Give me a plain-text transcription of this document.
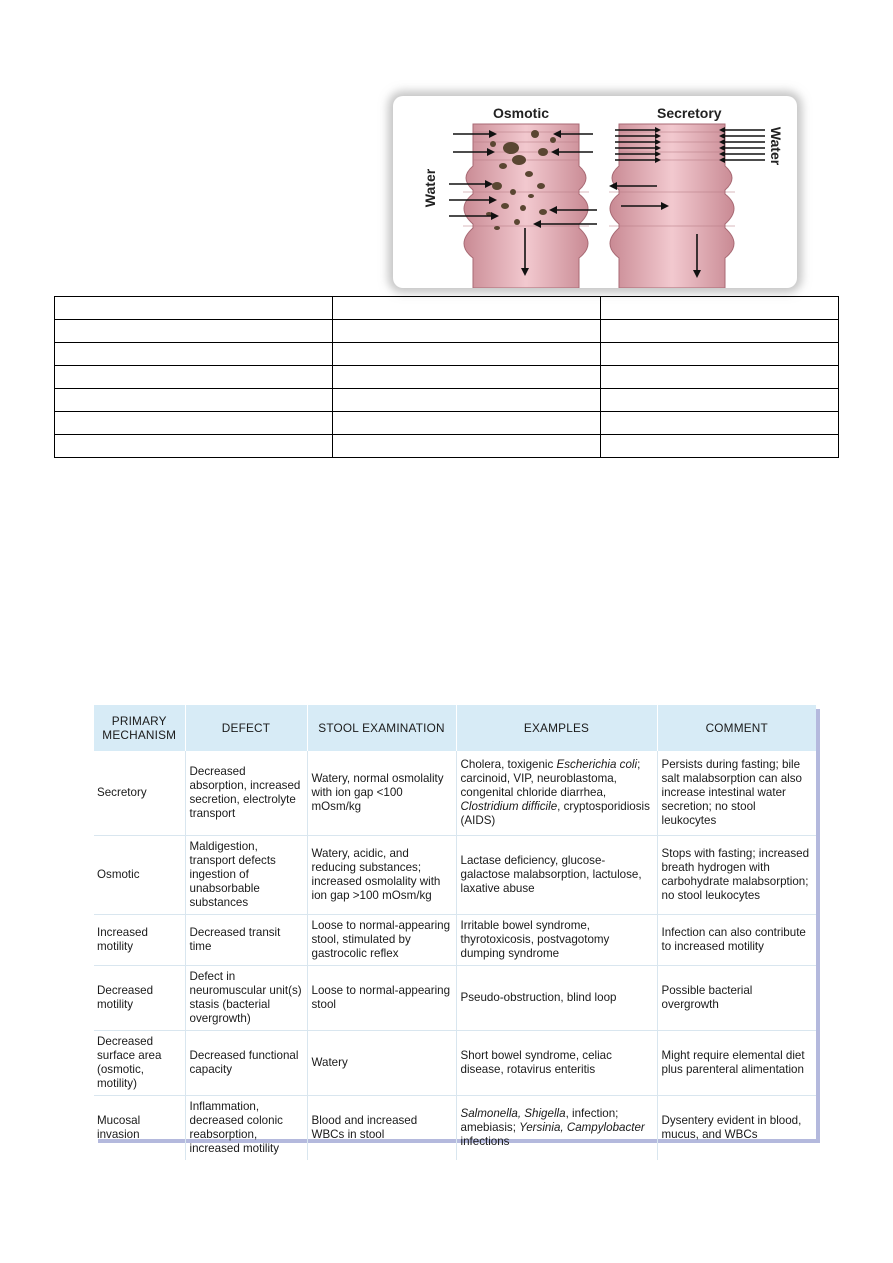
Osmotic	Secretory
Water
Water

PRIMARY MECHANISM	DEFECT	STOOL EXAMINATION	EXAMPLES	COMMENT
Secretory	Decreased absorption, increased secretion, electrolyte transport	Watery, normal osmolality with ion gap <100 mOsm/kg	Cholera, toxigenic Escherichia coli; carcinoid, VIP, neuroblastoma, congenital chloride diarrhea, Clostridium difficile, cryptosporidiosis (AIDS)	Persists during fasting; bile salt malabsorption can also increase intestinal water secretion; no stool leukocytes
Osmotic	Maldigestion, transport defects ingestion of unabsorbable substances	Watery, acidic, and reducing substances; increased osmolality with ion gap >100 mOsm/kg	Lactase deficiency, glucose-galactose malabsorption, lactulose, laxative abuse	Stops with fasting; increased breath hydrogen with carbohydrate malabsorption; no stool leukocytes
Increased motility	Decreased transit time	Loose to normal-appearing stool, stimulated by gastrocolic reflex	Irritable bowel syndrome, thyrotoxicosis, postvagotomy dumping syndrome	Infection can also contribute to increased motility
Decreased motility	Defect in neuromuscular unit(s) stasis (bacterial overgrowth)	Loose to normal-appearing stool	Pseudo-obstruction, blind loop	Possible bacterial overgrowth
Decreased surface area (osmotic, motility)	Decreased functional capacity	Watery	Short bowel syndrome, celiac disease, rotavirus enteritis	Might require elemental diet plus parenteral alimentation
Mucosal invasion	Inflammation, decreased colonic reabsorption, increased motility	Blood and increased WBCs in stool	Salmonella, Shigella, infection; amebiasis; Yersinia, Campylobacter infections	Dysentery evident in blood, mucus, and WBCs
